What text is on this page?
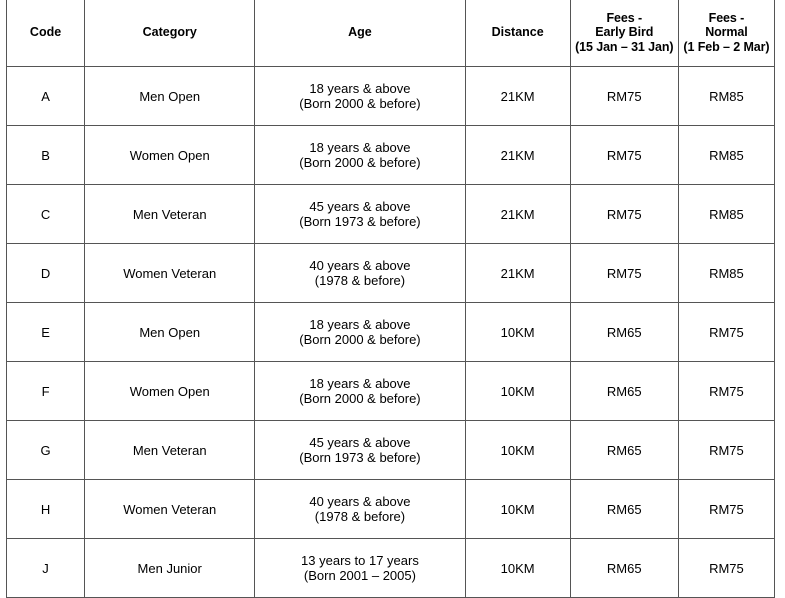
Code	Category	Age	Distance	Fees -
Early Bird
(15 Jan – 31 Jan)	Fees -
Normal
(1 Feb – 2 Mar)

A	Men Open	18 years & above
(Born 2000 & before)	21KM	RM75	RM85
B	Women Open	18 years & above
(Born 2000 & before)	21KM	RM75	RM85
C	Men Veteran	45 years & above
(Born 1973 & before)	21KM	RM75	RM85
D	Women Veteran	40 years & above
(1978 & before)	21KM	RM75	RM85
E	Men Open	18 years & above
(Born 2000 & before)	10KM	RM65	RM75
F	Women Open	18 years & above
(Born 2000 & before)	10KM	RM65	RM75
G	Men Veteran	45 years & above
(Born 1973 & before)	10KM	RM65	RM75
H	Women Veteran	40 years & above
(1978 & before)	10KM	RM65	RM75
J	Men Junior	13 years to 17 years
(Born 2001 – 2005)	10KM	RM65	RM75
